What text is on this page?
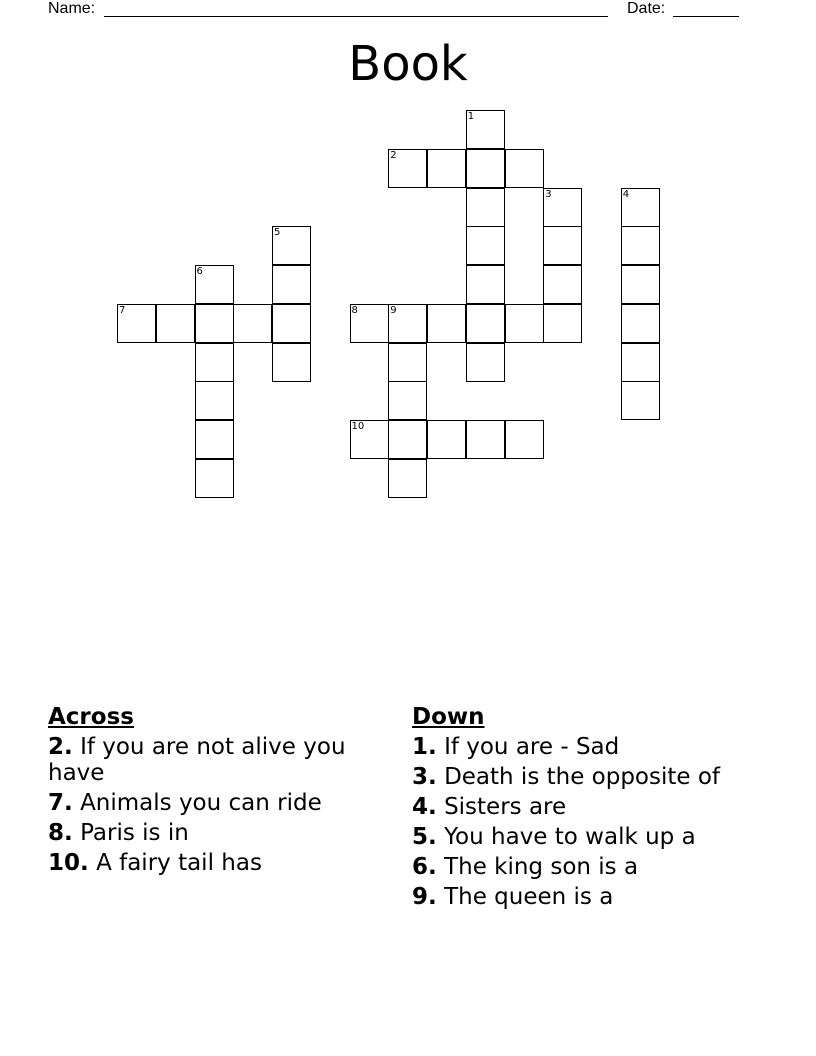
Name:	Date:
Book
1
2
3	4
5
6
7	8	9
10
Across
2. If you are not alive you have
7. Animals you can ride
8. Paris is in
10. A fairy tail has
Down
1. If you are - Sad
3. Death is the opposite of
4. Sisters are
5. You have to walk up a
6. The king son is a
9. The queen is a
